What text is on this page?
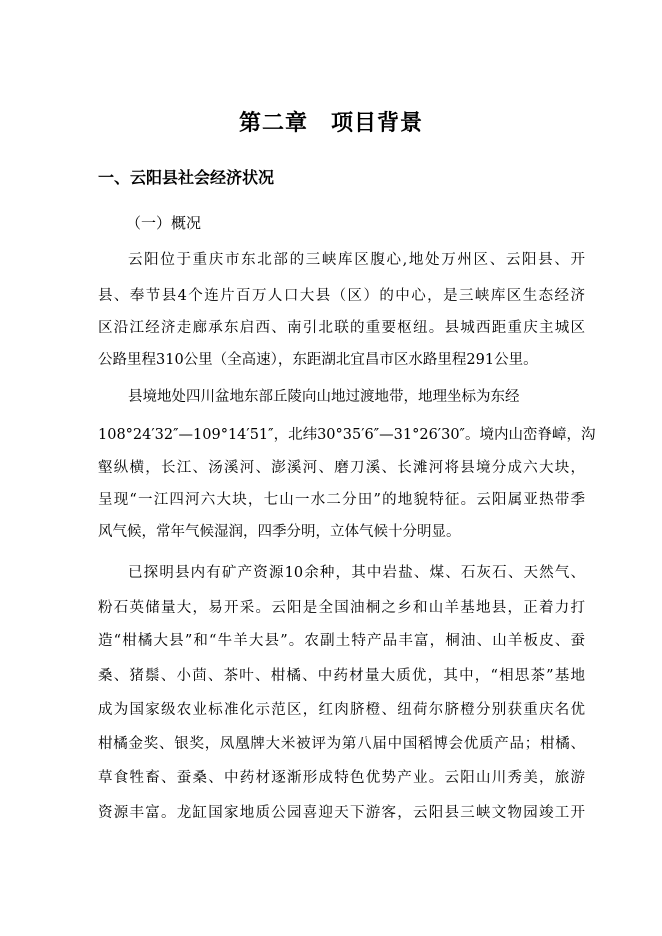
第二章　项目背景
一、云阳县社会经济状况
（一）概况
云阳位于重庆市东北部的三峡库区腹心,地处万州区、云阳县、开
县、奉节县4个连片百万人口大县（区）的中心，是三峡库区生态经济
区沿江经济走廊承东启西、南引北联的重要枢纽。县城西距重庆主城区
公路里程310公里（全高速），东距湖北宜昌市区水路里程291公里。
县境地处四川盆地东部丘陵向山地过渡地带，地理坐标为东经
108°24′32″—109°14′51″，北纬30°35′6″—31°26′30″。境内山峦脊嶂，沟
壑纵横，长江、汤溪河、澎溪河、磨刀溪、长滩河将县境分成六大块，
呈现“一江四河六大块，七山一水二分田”的地貌特征。云阳属亚热带季
风气候，常年气候湿润，四季分明，立体气候十分明显。
已探明县内有矿产资源10余种，其中岩盐、煤、石灰石、天然气、
粉石英储量大，易开采。云阳是全国油桐之乡和山羊基地县，正着力打
造“柑橘大县”和“牛羊大县”。农副土特产品丰富，桐油、山羊板皮、蚕
桑、猪鬃、小茴、茶叶、柑橘、中药材量大质优，其中，“相思茶”基地
成为国家级农业标准化示范区，红肉脐橙、纽荷尔脐橙分别获重庆名优
柑橘金奖、银奖，凤凰牌大米被评为第八届中国稻博会优质产品；柑橘、
草食牲畜、蚕桑、中药材逐渐形成特色优势产业。云阳山川秀美，旅游
资源丰富。龙缸国家地质公园喜迎天下游客，云阳县三峡文物园竣工开
